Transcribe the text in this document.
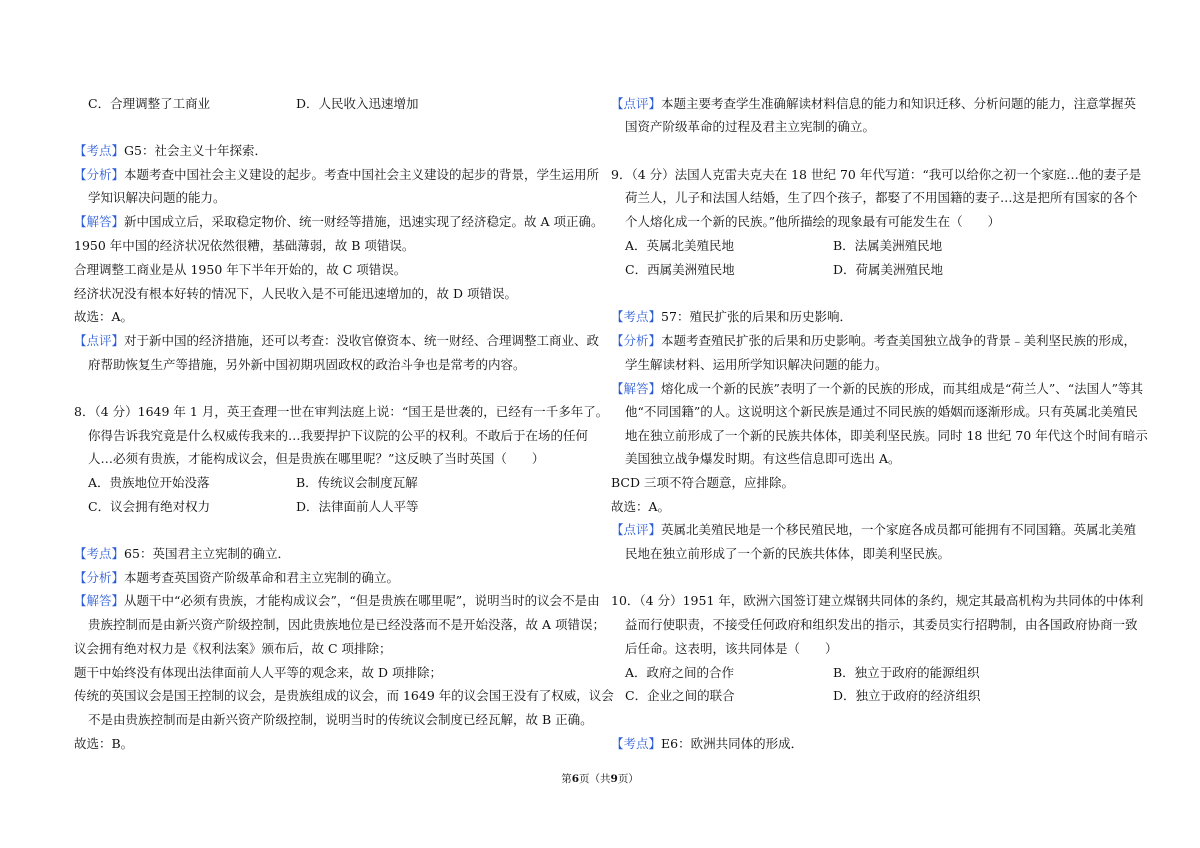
C．合理调整了工商业	D．人民收入迅速增加
【考点】G5：社会主义十年探索．
【分析】本题考查中国社会主义建设的起步。考查中国社会主义建设的起步的背景，学生运用所
学知识解决问题的能力。
【解答】新中国成立后，采取稳定物价、统一财经等措施，迅速实现了经济稳定。故 A 项正确。
1950 年中国的经济状况依然很糟，基础薄弱，故 B 项错误。
合理调整工商业是从 1950 年下半年开始的，故 C 项错误。
经济状况没有根本好转的情况下，人民收入是不可能迅速增加的，故 D 项错误。
故选：A。
【点评】对于新中国的经济措施，还可以考查：没收官僚资本、统一财经、合理调整工商业、政
府帮助恢复生产等措施，另外新中国初期巩固政权的政治斗争也是常考的内容。
8．（4 分）1649 年 1 月，英王查理一世在审判法庭上说：“国王是世袭的，已经有一千多年了。
你得告诉我究竟是什么权威传我来的…我要捍护下议院的公平的权利。不敢后于在场的任何
人…必须有贵族，才能构成议会，但是贵族在哪里呢？”这反映了当时英国（　　）
A．贵族地位开始没落	B．传统议会制度瓦解
C．议会拥有绝对权力	D．法律面前人人平等
【考点】65：英国君主立宪制的确立．
【分析】本题考查英国资产阶级革命和君主立宪制的确立。
【解答】从题干中“必须有贵族，才能构成议会”，“但是贵族在哪里呢”，说明当时的议会不是由
贵族控制而是由新兴资产阶级控制，因此贵族地位是已经没落而不是开始没落，故 A 项错误；
议会拥有绝对权力是《权利法案》颁布后，故 C 项排除；
题干中始终没有体现出法律面前人人平等的观念来，故 D 项排除；
传统的英国议会是国王控制的议会，是贵族组成的议会，而 1649 年的议会国王没有了权威，议会
不是由贵族控制而是由新兴资产阶级控制，说明当时的传统议会制度已经瓦解，故 B 正确。
故选：B。
【点评】本题主要考查学生准确解读材料信息的能力和知识迁移、分析问题的能力，注意掌握英
国资产阶级革命的过程及君主立宪制的确立。
9．（4 分）法国人克雷夫克夫在 18 世纪 70 年代写道：“我可以给你之初一个家庭…他的妻子是
荷兰人，儿子和法国人结婚，生了四个孩子，都娶了不用国籍的妻子…这是把所有国家的各个
个人熔化成一个新的民族。”他所描绘的现象最有可能发生在（　　）
A．英属北美殖民地	B．法属美洲殖民地
C．西属美洲殖民地	D．荷属美洲殖民地
【考点】57：殖民扩张的后果和历史影响．
【分析】本题考查殖民扩张的后果和历史影响。考查美国独立战争的背景﹣美利坚民族的形成，
学生解读材料、运用所学知识解决问题的能力。
【解答】熔化成一个新的民族”表明了一个新的民族的形成，而其组成是“荷兰人”、“法国人”等其
他“不同国籍”的人。这说明这个新民族是通过不同民族的婚姻而逐渐形成。只有英属北美殖民
地在独立前形成了一个新的民族共体体，即美利坚民族。同时 18 世纪 70 年代这个时间有暗示
美国独立战争爆发时期。有这些信息即可选出 A。
BCD 三项不符合题意，应排除。
故选：A。
【点评】英属北美殖民地是一个移民殖民地，一个家庭各成员都可能拥有不同国籍。英属北美殖
民地在独立前形成了一个新的民族共体体，即美利坚民族。
10．（4 分）1951 年，欧洲六国签订建立煤钢共同体的条约，规定其最高机构为共同体的中体利
益而行使职责，不接受任何政府和组织发出的指示，其委员实行招聘制，由各国政府协商一致
后任命。这表明，该共同体是（　　）
A．政府之间的合作	B．独立于政府的能源组织
C．企业之间的联合	D．独立于政府的经济组织
【考点】E6：欧洲共同体的形成．
第6页（共9页）
